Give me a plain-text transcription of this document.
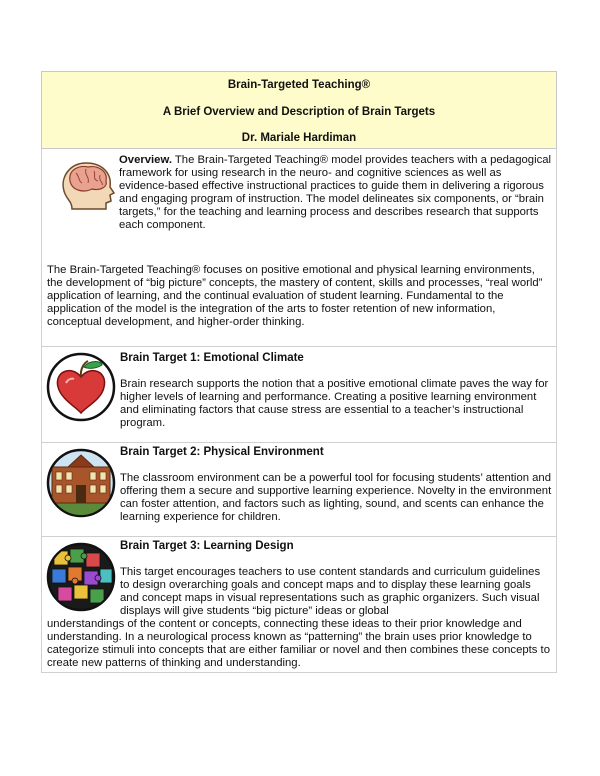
Brain-Targeted Teaching®
A Brief Overview and Description of Brain Targets
Dr. Mariale Hardiman

Overview. The Brain-Targeted Teaching® model provides teachers with a pedagogical framework for using research in the neuro- and cognitive sciences as well as evidence-based effective instructional practices to guide them in delivering a rigorous and engaging program of instruction. The model delineates six components, or “brain targets,” for the teaching and learning process and describes research that supports each component.

The Brain-Targeted Teaching® focuses on positive emotional and physical learning environments, the development of “big picture” concepts, the mastery of content, skills and processes, “real world” application of learning, and the continual evaluation of student learning. Fundamental to the application of the model is the integration of the arts to foster retention of new information, conceptual development, and higher-order thinking.

Brain Target 1: Emotional Climate

Brain research supports the notion that a positive emotional climate paves the way for higher levels of learning and performance. Creating a positive learning environment and eliminating factors that cause stress are essential to a teacher’s instructional program.

Brain Target 2: Physical Environment

The classroom environment can be a powerful tool for focusing students’ attention and offering them a secure and supportive learning experience. Novelty in the environment can foster attention, and factors such as lighting, sound, and scents can enhance the learning experience for children.

Brain Target 3: Learning Design

This target encourages teachers to use content standards and curriculum guidelines to design overarching goals and concept maps and to display these learning goals and concept maps in visual representations such as graphic organizers. Such visual displays will give students “big picture” ideas or global

understandings of the content or concepts, connecting these ideas to their prior knowledge and understanding. In a neurological process known as “patterning” the brain uses prior knowledge to categorize stimuli into concepts that are either familiar or novel and then combines these concepts to create new patterns of thinking and understanding.
